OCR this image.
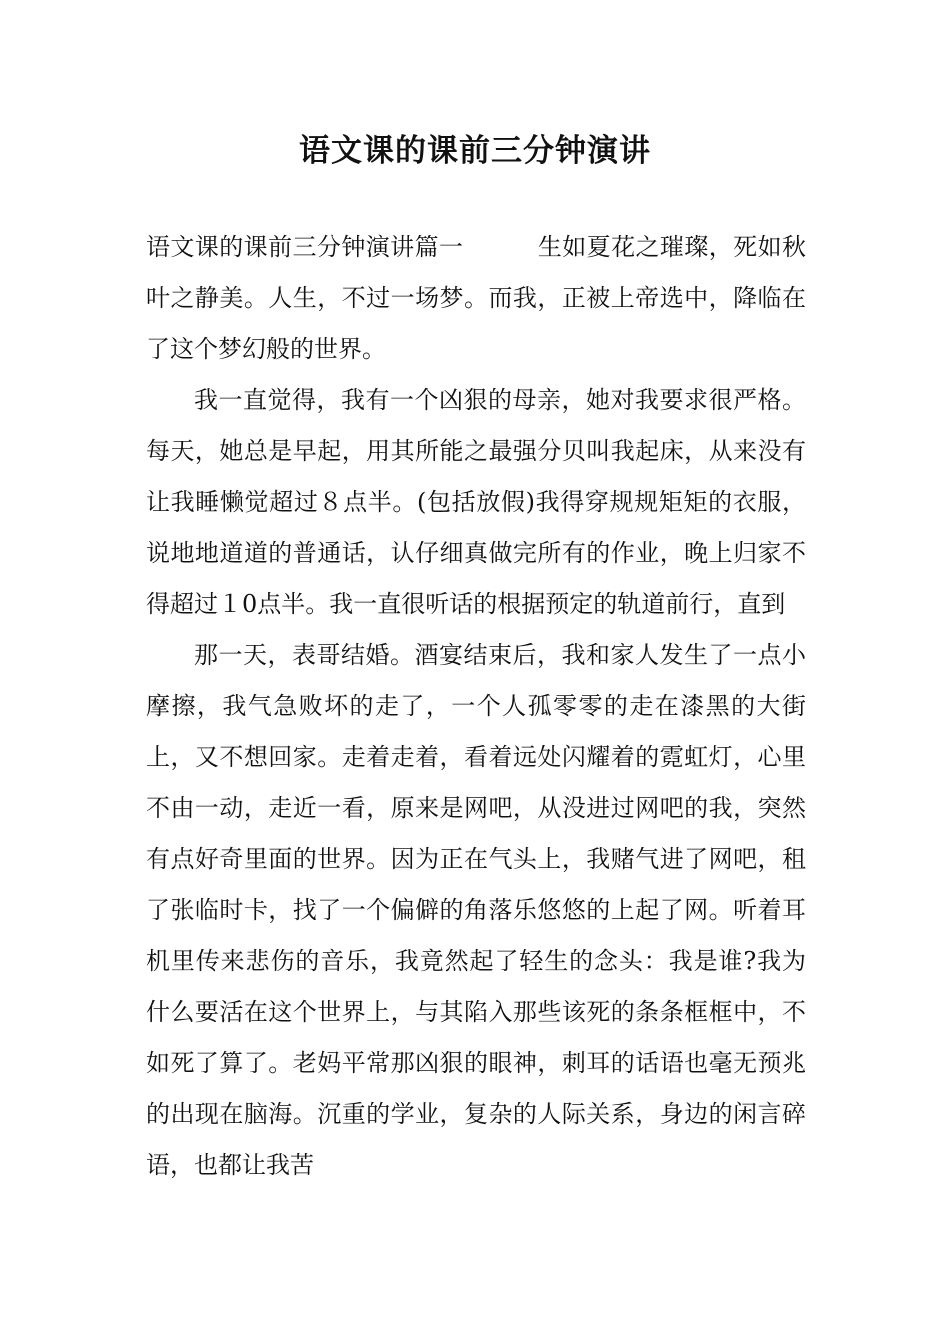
语文课的课前三分钟演讲

语文课的课前三分钟演讲篇一	生如夏花之璀璨，死如秋叶之静美。人生，不过一场梦。而我，正被上帝选中，降临在了这个梦幻般的世界。

我一直觉得，我有一个凶狠的母亲，她对我要求很严格。每天，她总是早起，用其所能之最强分贝叫我起床，从来没有让我睡懒觉超过８点半。(包括放假)我得穿规规矩矩的衣服，说地地道道的普通话，认仔细真做完所有的作业，晚上归家不得超过１0点半。我一直很听话的根据预定的轨道前行，直到

那一天，表哥结婚。酒宴结束后，我和家人发生了一点小摩擦，我气急败坏的走了，一个人孤零零的走在漆黑的大街上，又不想回家。走着走着，看着远处闪耀着的霓虹灯，心里不由一动，走近一看，原来是网吧，从没进过网吧的我，突然有点好奇里面的世界。因为正在气头上，我赌气进了网吧，租了张临时卡，找了一个偏僻的角落乐悠悠的上起了网。听着耳机里传来悲伤的音乐，我竟然起了轻生的念头：我是谁?我为什么要活在这个世界上，与其陷入那些该死的条条框框中，不如死了算了。老妈平常那凶狠的眼神，刺耳的话语也毫无预兆的出现在脑海。沉重的学业，复杂的人际关系，身边的闲言碎语，也都让我苦
